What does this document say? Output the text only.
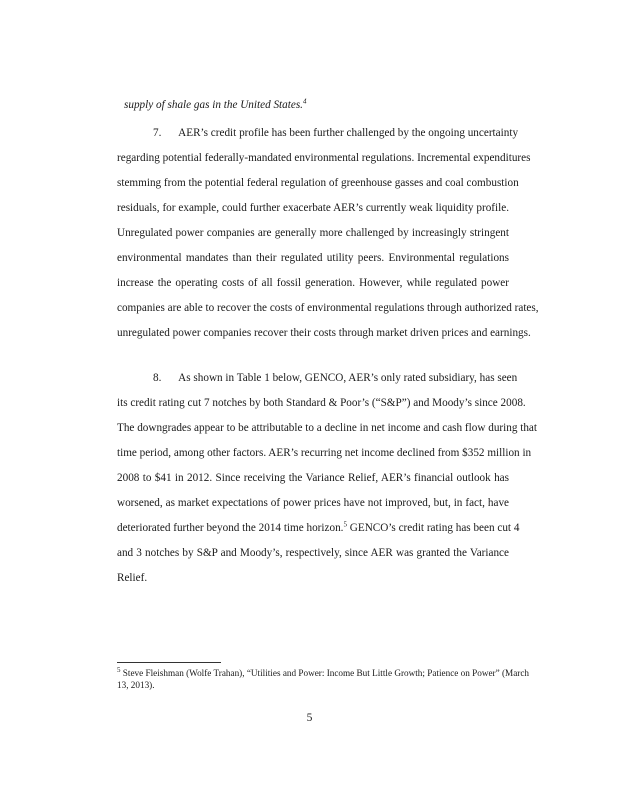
supply of shale gas in the United States.$^4$
7.      AER’s credit profile has been further challenged by the ongoing uncertainty
regarding potential federally-mandated environmental regulations. Incremental expenditures
stemming from the potential federal regulation of greenhouse gasses and coal combustion
residuals, for example, could further exacerbate AER’s currently weak liquidity profile.
Unregulated power companies are generally more challenged by increasingly stringent
environmental mandates than their regulated utility peers. Environmental regulations
increase the operating costs of all fossil generation. However, while regulated power
companies are able to recover the costs of environmental regulations through authorized rates,
unregulated power companies recover their costs through market driven prices and earnings.
8.      As shown in Table 1 below, GENCO, AER’s only rated subsidiary, has seen
its credit rating cut 7 notches by both Standard & Poor’s (“S&P”) and Moody’s since 2008.
The downgrades appear to be attributable to a decline in net income and cash flow during that
time period, among other factors. AER’s recurring net income declined from $352 million in
2008 to $41 in 2012. Since receiving the Variance Relief, AER’s financial outlook has
worsened, as market expectations of power prices have not improved, but, in fact, have
deteriorated further beyond the 2014 time horizon.$^5$ GENCO’s credit rating has been cut 4
and 3 notches by S&P and Moody’s, respectively, since AER was granted the Variance
Relief.
$^5$ Steve Fleishman (Wolfe Trahan), “Utilities and Power: Income But Little Growth; Patience on Power” (March
13, 2013).
5
